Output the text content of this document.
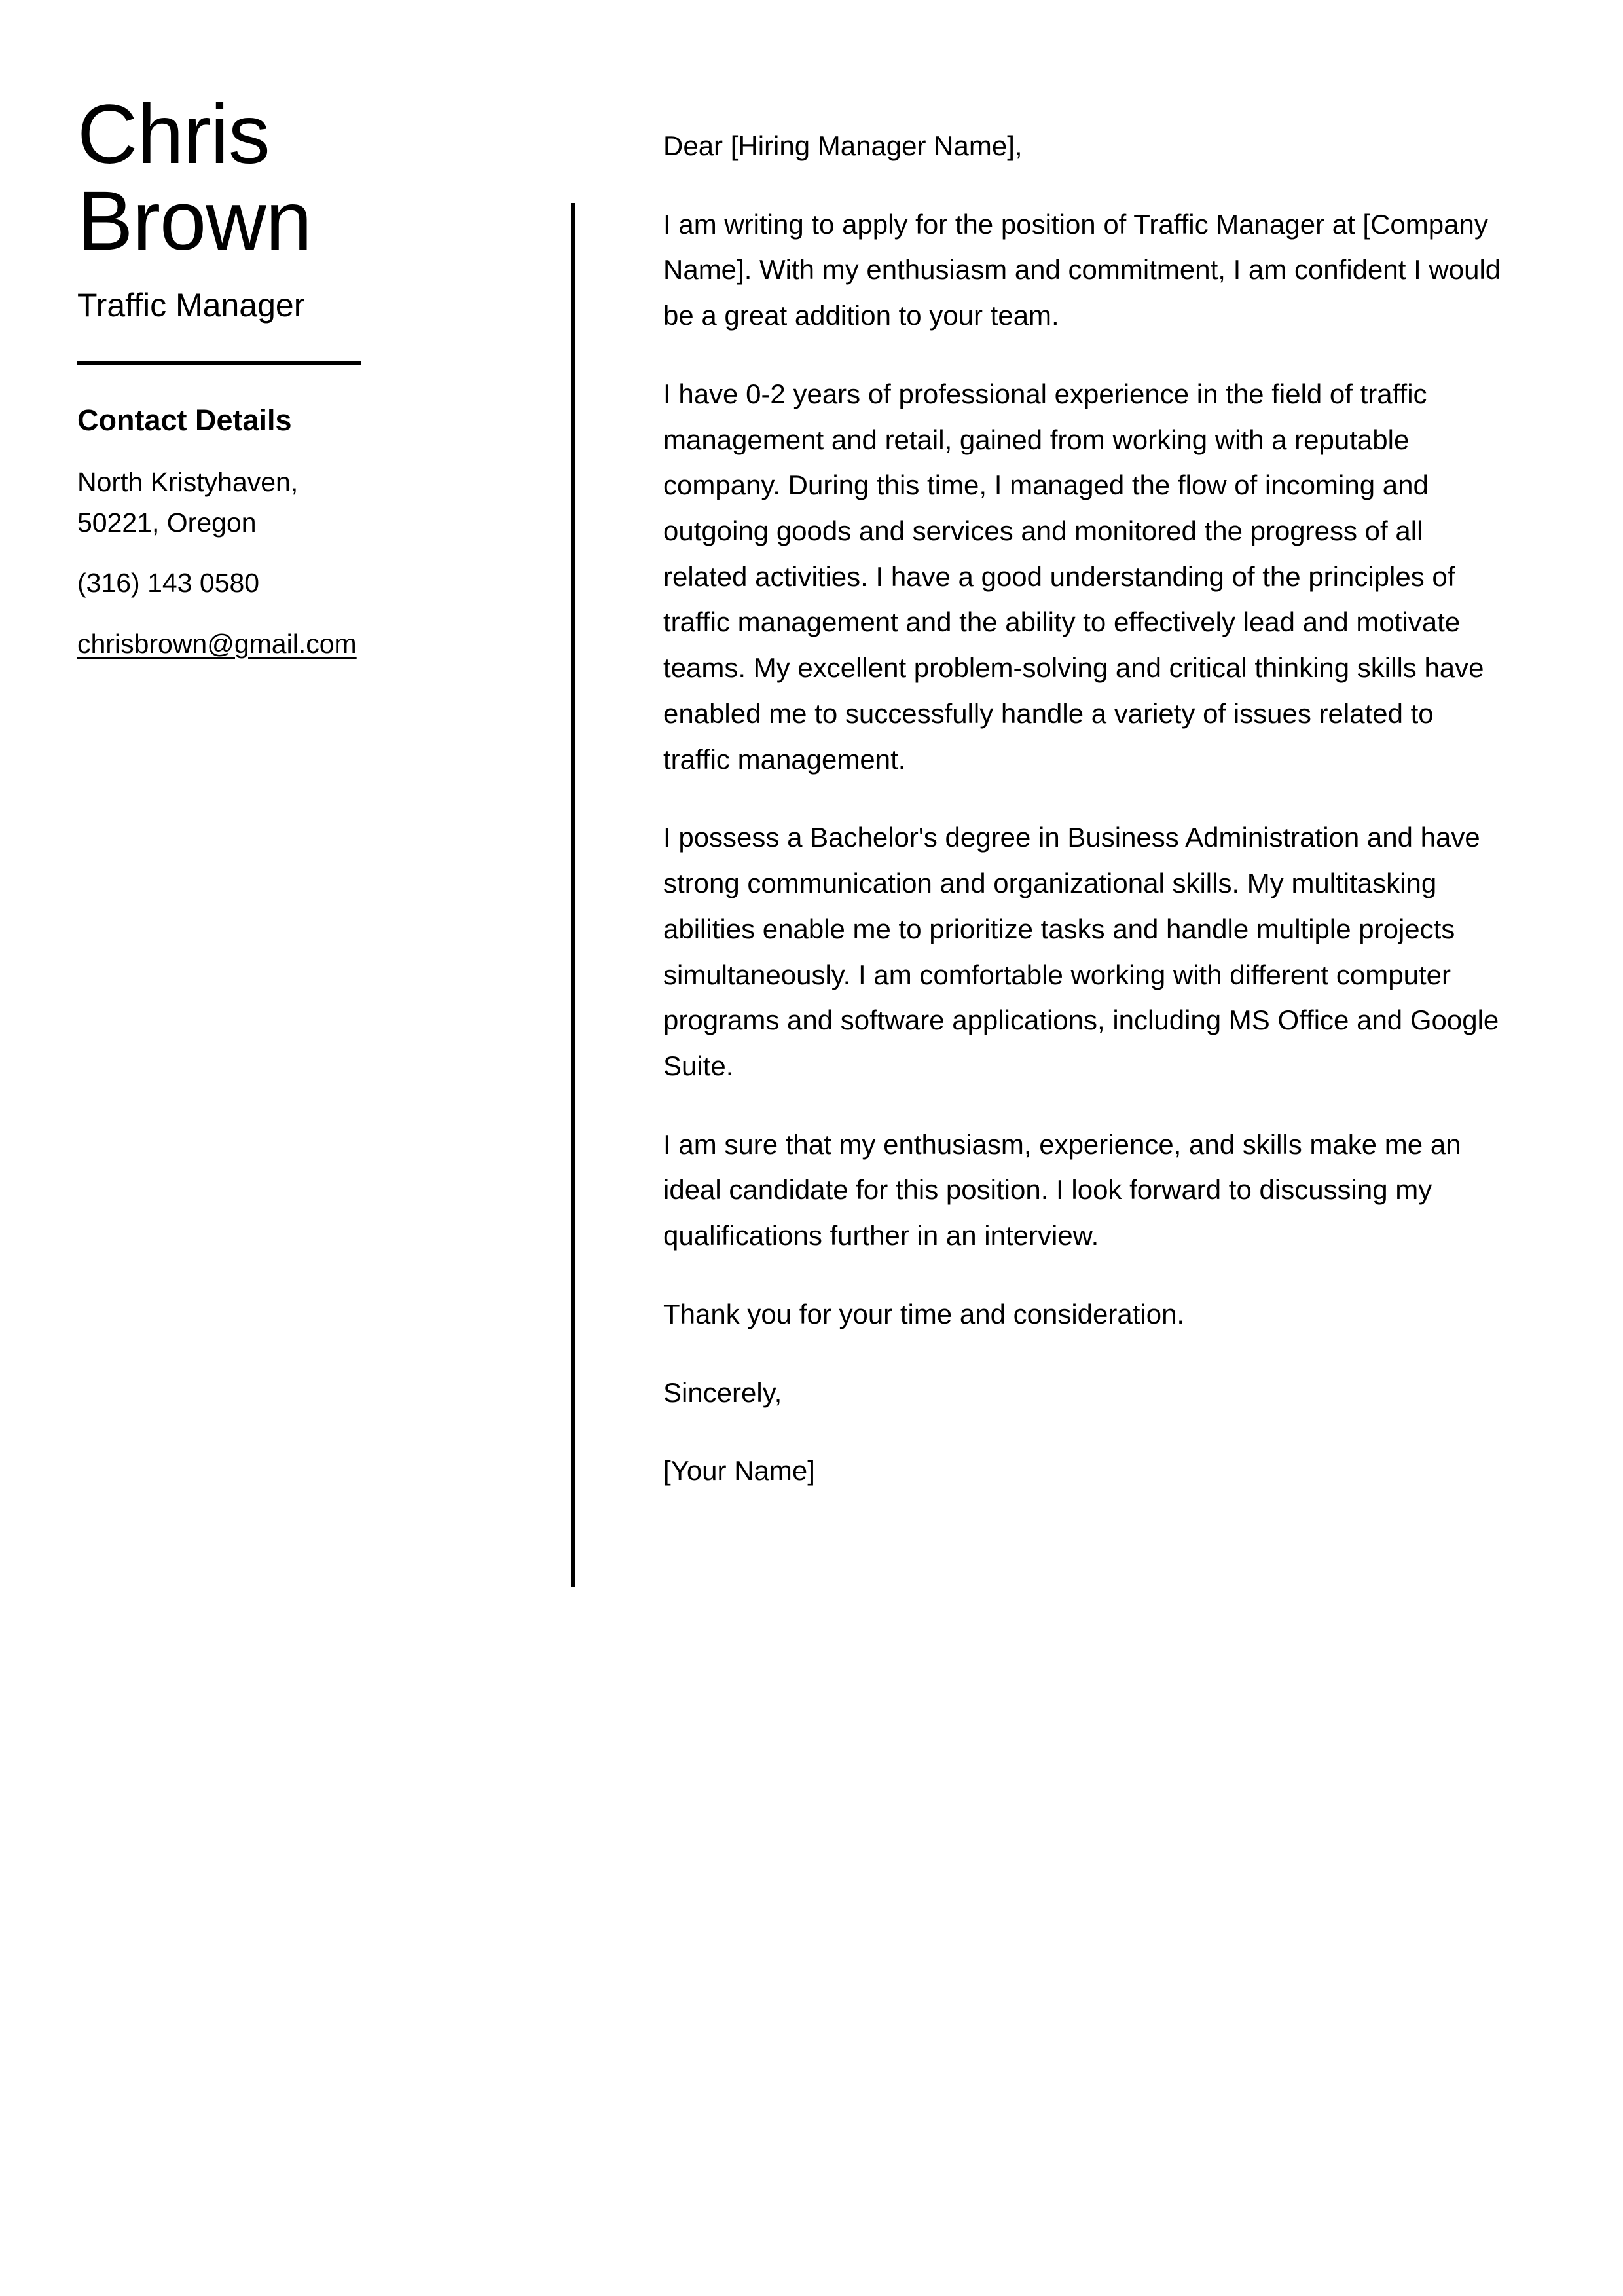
Chris
Brown
Traffic Manager
Contact Details
North Kristyhaven, 50221, Oregon
(316) 143 0580
chrisbrown@gmail.com

Dear [Hiring Manager Name],

I am writing to apply for the position of Traffic Manager at [Company Name]. With my enthusiasm and commitment, I am confident I would be a great addition to your team.

I have 0-2 years of professional experience in the field of traffic management and retail, gained from working with a reputable company. During this time, I managed the flow of incoming and outgoing goods and services and monitored the progress of all related activities. I have a good understanding of the principles of traffic management and the ability to effectively lead and motivate teams. My excellent problem-solving and critical thinking skills have enabled me to successfully handle a variety of issues related to traffic management.

I possess a Bachelor's degree in Business Administration and have strong communication and organizational skills. My multitasking abilities enable me to prioritize tasks and handle multiple projects simultaneously. I am comfortable working with different computer programs and software applications, including MS Office and Google Suite.

I am sure that my enthusiasm, experience, and skills make me an ideal candidate for this position. I look forward to discussing my qualifications further in an interview.

Thank you for your time and consideration.

Sincerely,

[Your Name]
